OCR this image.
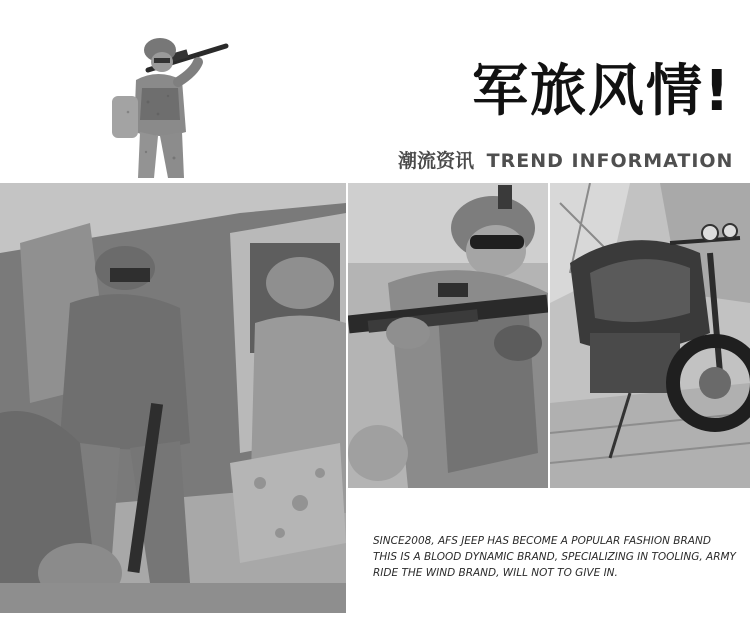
军旅风情!
潮流资讯 TREND INFORMATION
SINCE2008, AFS JEEP HAS BECOME A POPULAR FASHION BRAND
THIS IS A BLOOD DYNAMIC BRAND, SPECIALIZING IN TOOLING, ARMY
RIDE THE WIND BRAND, WILL NOT TO GIVE IN.
